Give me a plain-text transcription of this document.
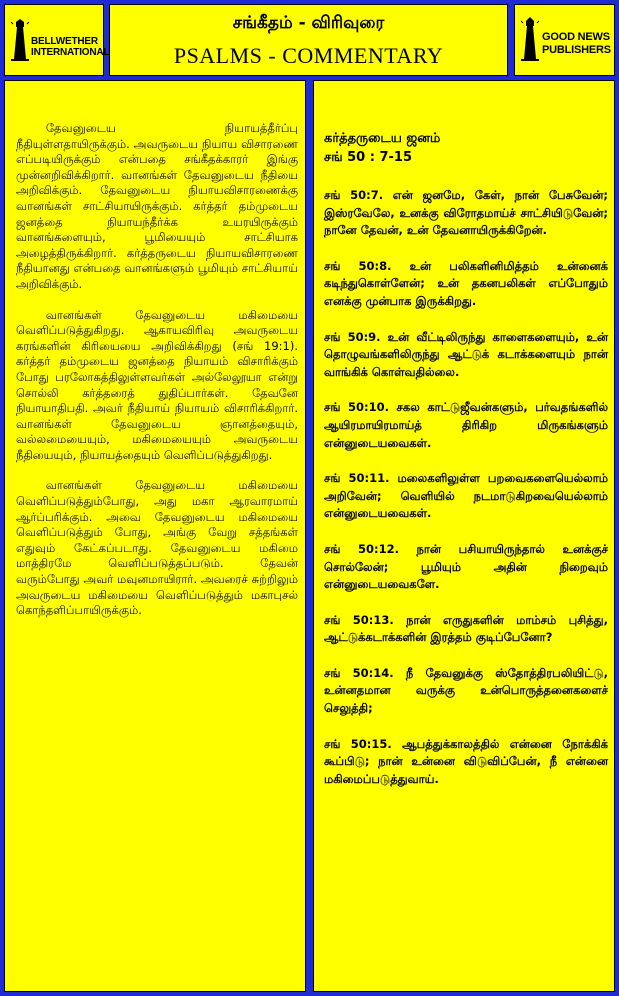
BELLWETHER
INTERNATIONAL
சங்கீதம் - விரிவுரை
PSALMS - COMMENTARY
GOOD NEWS
PUBLISHERS

தேவனுடைய நியாயத்தீர்ப்பு நீதியுள்ளதாயிருக்கும். அவருடைய நியாய விசாரணை எப்படியிருக்கும் என்பதை சங்கீதக்காரர் இங்கு முன்னறிவிக்கிறார். வானங்கள் தேவனுடைய நீதியை அறிவிக்கும். தேவனுடைய நியாயவிசாரணைக்கு வானங்கள் சாட்சியாயிருக்கும். கர்த்தர் தம்முடைய ஜனத்தை நியாயந்தீர்க்க உயரயிருக்கும் வானங்களையும், பூமியையும் சாட்சியாக அழைத்திருக்கிறார். கர்த்தருடைய நியாயவிசாரணை நீதியானது என்பதை வானங்களும் பூமியும் சாட்சியாய் அறிவிக்கும்.

வானங்கள் தேவனுடைய மகிமையை வெளிப்படுத்துகிறது. ஆகாயவிரிவு அவருடைய கரங்களின் கிரியையை அறிவிக்கிறது (சங் 19:1). கர்த்தர் தம்முடைய ஜனத்தை நியாயம் விசாரிக்கும் போது பரலோகத்திலுள்ளவர்கள் அல்லேலூயா என்று சொல்லி கர்த்தரைத் துதிப்பார்கள். தேவனே நியாயாதிபதி. அவர் நீதியாய் நியாயம் விசாரிக்கிறார். வானங்கள் தேவனுடைய ஞானத்தையும், வல்லமையையும், மகிமையையும் அவருடைய நீதியையும், நியாயத்தையும் வெளிப்படுத்துகிறது.

வானங்கள் தேவனுடைய மகிமையை வெளிப்படுத்தும்போது, அது மகா ஆரவாரமாய் ஆர்ப்பரிக்கும். அவை தேவனுடைய மகிமையை வெளிப்படுத்தும் போது, அங்கு வேறு சத்தங்கள் எதுவும் கேட்கப்படாது. தேவனுடைய மகிமை மாத்திரமே வெளிப்படுத்தப்படும். தேவன் வரும்போது அவர் மவுனமாயிரார். அவரைச் சுற்றிலும் அவருடைய மகிமையை வெளிப்படுத்தும் மகாபுசல் கொந்தளிப்பாயிருக்கும்.

கர்த்தருடைய ஜனம்
சங் 50 : 7-15

சங் 50:7. என் ஜனமே, கேள், நான் பேசுவேன்; இஸ்ரவேலே, உனக்கு விரோதமாய்ச் சாட்சியிடுவேன்; நானே தேவன், உன் தேவனாயிருக்கிறேன்.

சங் 50:8. உன் பலிகளினிமித்தம் உன்னைக் கடிந்துகொள்ளேன்; உன் தகனபலிகள் எப்போதும் எனக்கு முன்பாக இருக்கிறது.

சங் 50:9. உன் வீட்டிலிருந்து காளைகளையும், உன் தொழுவங்களிலிருந்து ஆட்டுக் கடாக்களையும் நான் வாங்கிக் கொள்வதில்லை.

சங் 50:10. சகல காட்டுஜீவன்களும், பர்வதங்களில் ஆயிரமாயிரமாய்த் திரிகிற மிருகங்களும் என்னுடையவைகள்.

சங் 50:11. மலைகளிலுள்ள பறவைகளையெல்லாம் அறிவேன்; வெளியில் நடமாடுகிறவையெல்லாம் என்னுடையவைகள்.

சங் 50:12. நான் பசியாயிருந்தால் உனக்குச் சொல்லேன்; பூமியும் அதின் நிறைவும் என்னுடையவைகளே.

சங் 50:13. நான் எருதுகளின் மாம்சம் புசித்து, ஆட்டுக்கடாக்களின் இரத்தம் குடிப்பேனோ?

சங் 50:14. நீ தேவனுக்கு ஸ்தோத்திரபலியிட்டு, உன்னதமான வருக்கு உன்பொருத்தனைகளைச் செலுத்தி;

சங் 50:15. ஆபத்துக்காலத்தில் என்னை நோக்கிக் கூப்பிடு; நான் உன்னை விடுவிப்பேன், நீ என்னை மகிமைப்படுத்துவாய்.
